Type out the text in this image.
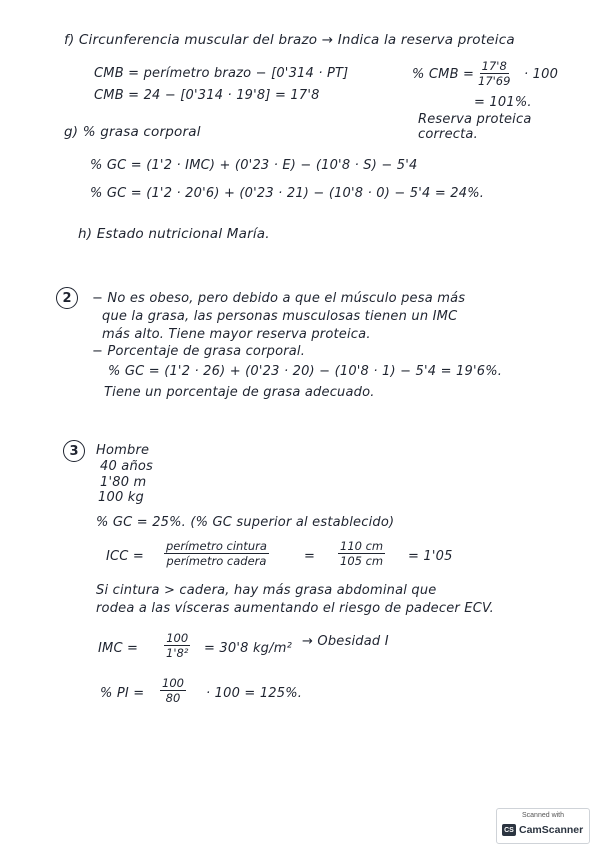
f) Circunferencia muscular del brazo → Indica la reserva proteica
CMB = perímetro brazo − [0'314 · PT]
CMB = 24 − [0'314 · 19'8] = 17'8
% CMB = $\frac{17'8}{17'69} \cdot 100$
= 101%.
Reserva proteica
correcta.
g) % grasa corporal
% GC = (1'2 · IMC) + (0'23 · E) − (10'8 · S) − 5'4
% GC = (1'2 · 20'6) + (0'23 · 21) − (10'8 · 0) − 5'4 = 24%.
h) Estado nutricional María.
2	− No es obeso, pero debido a que el músculo pesa más
que la grasa, las personas musculosas tienen un IMC
más alto. Tiene mayor reserva proteica.
− Porcentaje de grasa corporal.
% GC = (1'2 · 26) + (0'23 · 20) − (10'8 · 1) − 5'4 = 19'6%.
Tiene un porcentaje de grasa adecuado.
3	Hombre
40 años
1'80 m
100 kg
% GC = 25%. (% GC superior al establecido)
ICC =
perímetro cintura
perímetro cadera	= $\frac{110 cm}{105 cm} = 1'05$
Si cintura > cadera, hay más grasa abdominal que
rodea a las vísceras aumentando el riesgo de padecer ECV.
IMC = $\frac{100}{\text{1'8²}} = 30'8$ kg/m² → Obesidad I
% PI = $\frac{100}{80} \cdot 100 = 125\%$.
Scanned with
CS CamScanner
